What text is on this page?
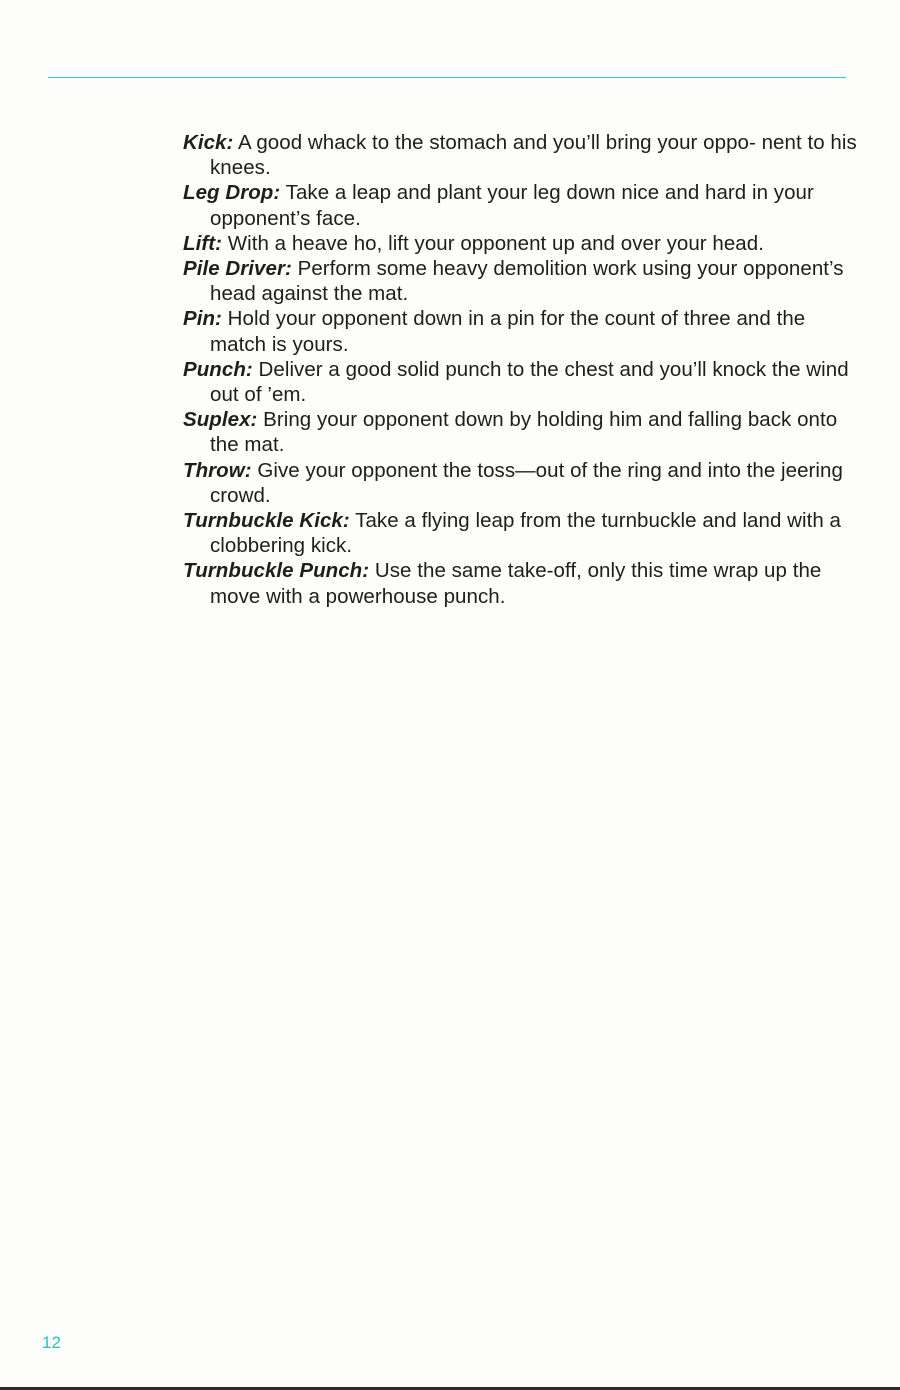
Kick: A good whack to the stomach and you’ll bring your oppo- nent to his knees.
Leg Drop: Take a leap and plant your leg down nice and hard in your opponent’s face.
Lift: With a heave ho, lift your opponent up and over your head.
Pile Driver: Perform some heavy demolition work using your opponent’s head against the mat.
Pin: Hold your opponent down in a pin for the count of three and the match is yours.
Punch: Deliver a good solid punch to the chest and you’ll knock the wind out of ’em.
Suplex: Bring your opponent down by holding him and falling back onto the mat.
Throw: Give your opponent the toss—out of the ring and into the jeering crowd.
Turnbuckle Kick: Take a flying leap from the turnbuckle and land with a clobbering kick.
Turnbuckle Punch: Use the same take-off, only this time wrap up the move with a powerhouse punch.
12
